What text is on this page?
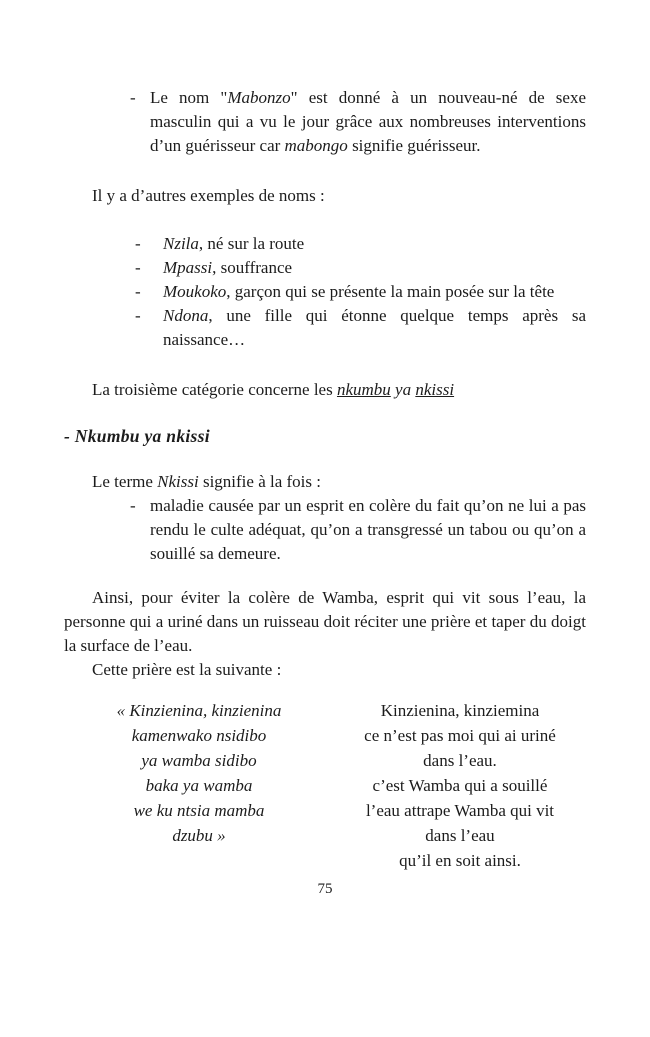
- Le nom "Mabonzo" est donné à un nouveau-né de sexe masculin qui a vu le jour grâce aux nombreuses interventions d’un guérisseur car mabongo signifie guérisseur.
Il y a d’autres exemples de noms :
- Nzila, né sur la route
- Mpassi, souffrance
- Moukoko, garçon qui se présente la main posée sur la tête
- Ndona, une fille qui étonne quelque temps après sa naissance…
La troisième catégorie concerne les nkumbu ya nkissi
- Nkumbu ya nkissi
Le terme Nkissi signifie à la fois :
- maladie causée par un esprit en colère du fait qu’on ne lui a pas rendu le culte adéquat, qu’on a transgressé un tabou ou qu’on a souillé sa demeure.
Ainsi, pour éviter la colère de Wamba, esprit qui vit sous l’eau, la personne qui a uriné dans un ruisseau doit réciter une prière et taper du doigt la surface de l’eau.
Cette prière est la suivante :
« Kinzienina, kinzienina
kamenwako nsidibo
ya wamba sidibo
baka ya wamba
we ku ntsia mamba
dzubu »
Kinzienina, kinziemina
ce n’est pas moi qui ai uriné
dans l’eau.
c’est Wamba qui a souillé
l’eau attrape Wamba qui vit
dans l’eau
qu’il en soit ainsi.
75
